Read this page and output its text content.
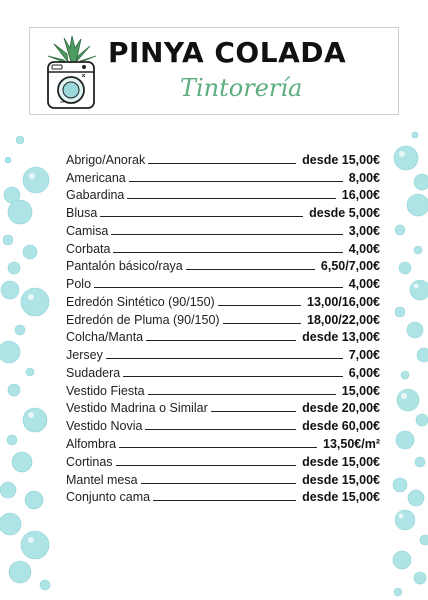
PINYA COLADA
Tintorería
Abrigo/Anorak	desde 15,00€
Americana	8,00€
Gabardina	16,00€
Blusa	desde 5,00€
Camisa	3,00€
Corbata	4,00€
Pantalón básico/raya	6,50/7,00€
Polo	4,00€
Edredón Sintético (90/150)	13,00/16,00€
Edredón de Pluma (90/150)	18,00/22,00€
Colcha/Manta	desde 13,00€
Jersey	7,00€
Sudadera	6,00€
Vestido Fiesta	15,00€
Vestido Madrina o Similar	desde 20,00€
Vestido Novia	desde 60,00€
Alfombra	13,50€/m²
Cortinas	desde 15,00€
Mantel mesa	desde 15,00€
Conjunto cama	desde 15,00€
